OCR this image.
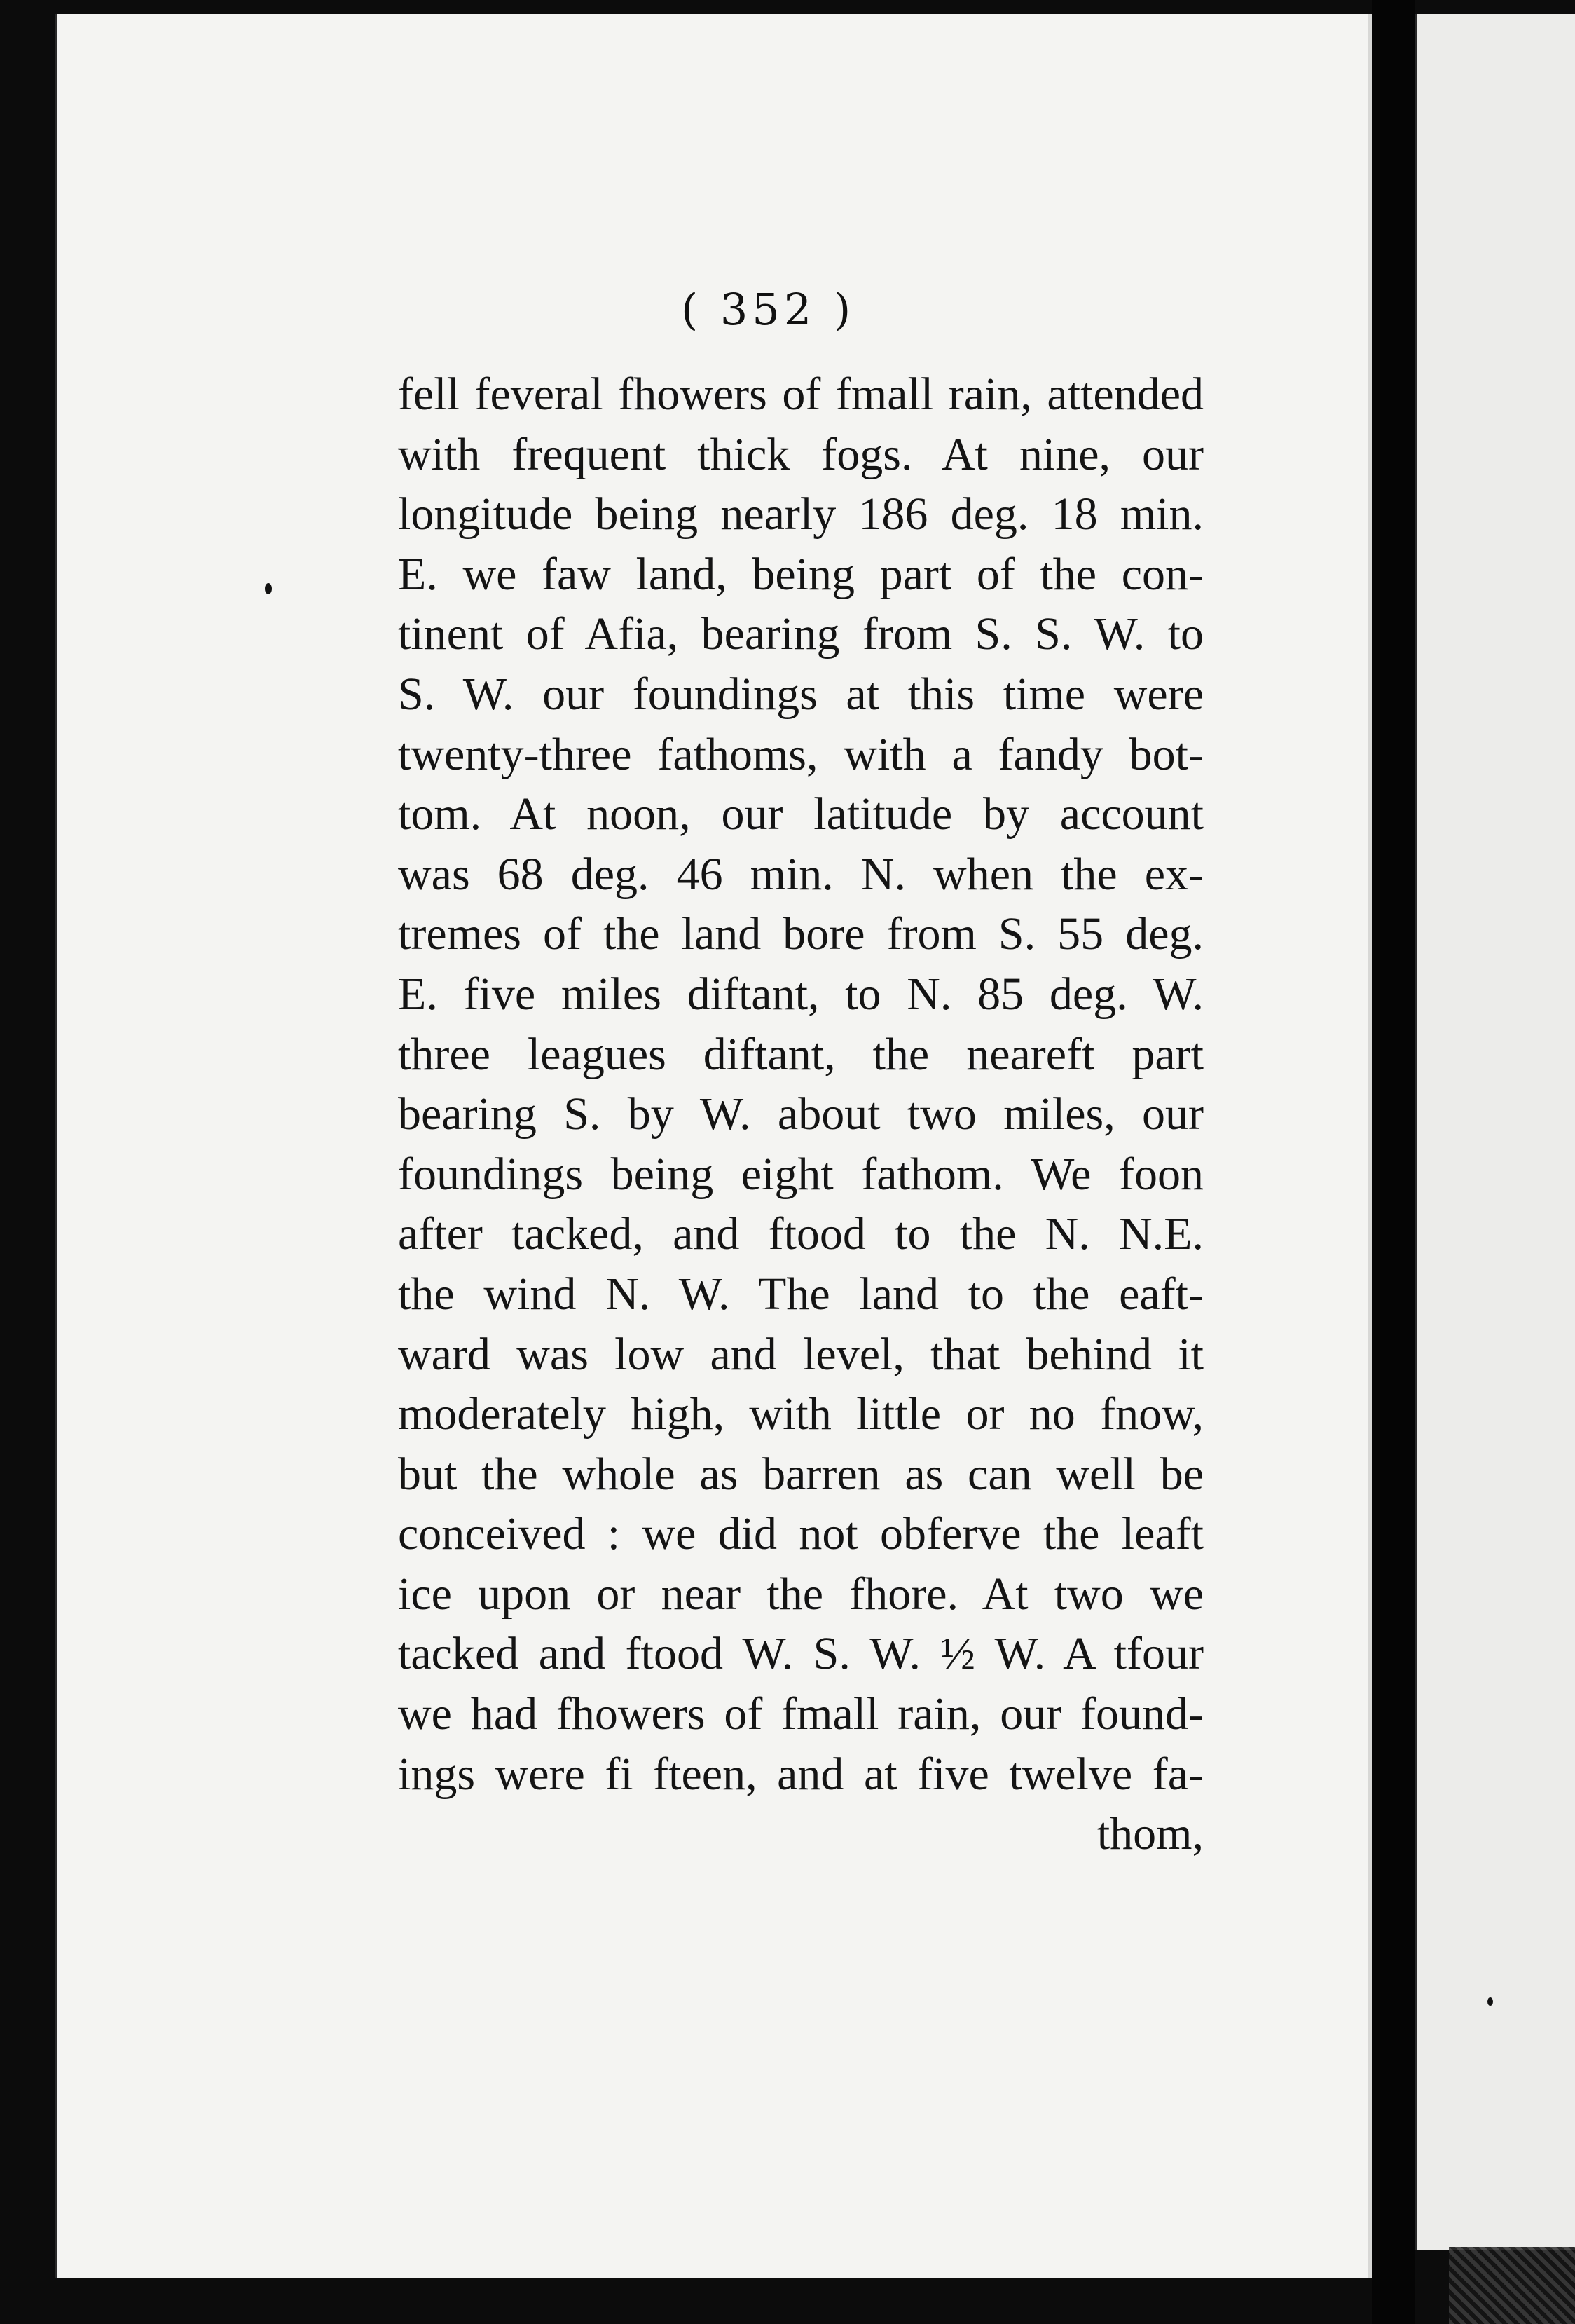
( 352 )
fell feveral fhowers of fmall rain, attended
with frequent thick fogs. At nine, our
longitude being nearly 186 deg. 18 min.
E. we faw land, being part of the con-
tinent of Afia, bearing from S. S. W. to
S. W. our foundings at this time were
twenty-three fathoms, with a fandy bot-
tom. At noon, our latitude by account
was 68 deg. 46 min. N. when the ex-
tremes of the land bore from S. 55 deg.
E. five miles diftant, to N. 85 deg. W.
three leagues diftant, the neareft part
bearing S. by W. about two miles, our
foundings being eight fathom. We foon
after tacked, and ftood to the N. N.E.
the wind N. W. The land to the eaft-
ward was low and level, that behind it
moderately high, with little or no fnow,
but the whole as barren as can well be
conceived : we did not obferve the leaft
ice upon or near the fhore. At two we
tacked and ftood W. S. W. ½ W. A tfour
we had fhowers of fmall rain, our found-
ings were fi fteen, and at five twelve fa-
thom,
